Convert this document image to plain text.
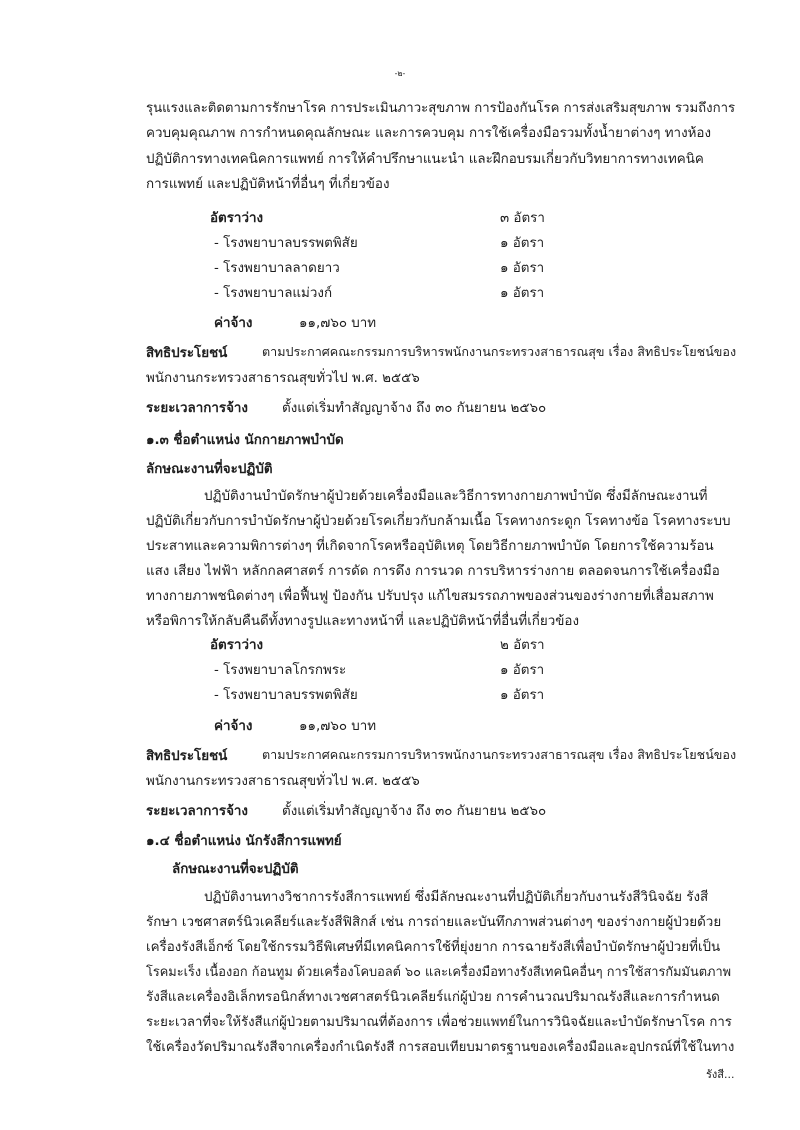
-๒-
รุนแรงและติดตามการรักษาโรค การประเมินภาวะสุขภาพ การป้องกันโรค การส่งเสริมสุขภาพ รวมถึงการ
ควบคุมคุณภาพ การกำหนดคุณลักษณะ และการควบคุม การใช้เครื่องมือรวมทั้งน้ำยาต่างๆ ทางห้อง
ปฏิบัติการทางเทคนิคการแพทย์ การให้คำปรึกษาแนะนำ และฝึกอบรมเกี่ยวกับวิทยาการทางเทคนิค
การแพทย์ และปฏิบัติหน้าที่อื่นๆ ที่เกี่ยวข้อง
อัตราว่าง	๓ อัตรา
- โรงพยาบาลบรรพตพิสัย	๑ อัตรา
- โรงพยาบาลลาดยาว	๑ อัตรา
- โรงพยาบาลแม่วงก์	๑ อัตรา
ค่าจ้าง	๑๑,๗๖๐ บาท
สิทธิประโยชน์	ตามประกาศคณะกรรมการบริหารพนักงานกระทรวงสาธารณสุข เรื่อง สิทธิประโยชน์ของ
พนักงานกระทรวงสาธารณสุขทั่วไป พ.ศ. ๒๕๕๖
ระยะเวลาการจ้าง	ตั้งแต่เริ่มทำสัญญาจ้าง ถึง ๓๐ กันยายน ๒๕๖๐
๑.๓ ชื่อตำแหน่ง นักกายภาพบำบัด
ลักษณะงานที่จะปฏิบัติ
ปฏิบัติงานบำบัดรักษาผู้ป่วยด้วยเครื่องมือและวิธีการทางกายภาพบำบัด ซึ่งมีลักษณะงานที่
ปฏิบัติเกี่ยวกับการบำบัดรักษาผู้ป่วยด้วยโรคเกี่ยวกับกล้ามเนื้อ โรคทางกระดูก โรคทางข้อ โรคทางระบบ
ประสาทและความพิการต่างๆ ที่เกิดจากโรคหรืออุบัติเหตุ โดยวิธีกายภาพบำบัด โดยการใช้ความร้อน
แสง เสียง ไฟฟ้า หลักกลศาสตร์ การดัด การดึง การนวด การบริหารร่างกาย ตลอดจนการใช้เครื่องมือ
ทางกายภาพชนิดต่างๆ เพื่อฟื้นฟู ป้องกัน ปรับปรุง แก้ไขสมรรถภาพของส่วนของร่างกายที่เสื่อมสภาพ
หรือพิการให้กลับคืนดีทั้งทางรูปและทางหน้าที่ และปฏิบัติหน้าที่อื่นที่เกี่ยวข้อง
อัตราว่าง	๒ อัตรา
- โรงพยาบาลโกรกพระ	๑ อัตรา
- โรงพยาบาลบรรพตพิสัย	๑ อัตรา
ค่าจ้าง	๑๑,๗๖๐ บาท
สิทธิประโยชน์	ตามประกาศคณะกรรมการบริหารพนักงานกระทรวงสาธารณสุข เรื่อง สิทธิประโยชน์ของ
พนักงานกระทรวงสาธารณสุขทั่วไป พ.ศ. ๒๕๕๖
ระยะเวลาการจ้าง	ตั้งแต่เริ่มทำสัญญาจ้าง ถึง ๓๐ กันยายน ๒๕๖๐
๑.๔ ชื่อตำแหน่ง นักรังสีการแพทย์
ลักษณะงานที่จะปฏิบัติ
ปฏิบัติงานทางวิชาการรังสีการแพทย์ ซึ่งมีลักษณะงานที่ปฏิบัติเกี่ยวกับงานรังสีวินิจฉัย รังสี
รักษา เวชศาสตร์นิวเคลียร์และรังสีฟิสิกส์ เช่น การถ่ายและบันทึกภาพส่วนต่างๆ ของร่างกายผู้ป่วยด้วย
เครื่องรังสีเอ็กซ์ โดยใช้กรรมวิธีพิเศษที่มีเทคนิคการใช้ที่ยุ่งยาก การฉายรังสีเพื่อบำบัดรักษาผู้ป่วยที่เป็น
โรคมะเร็ง เนื้องอก ก้อนทูม ด้วยเครื่องโคบอลต์ ๖๐ และเครื่องมือทางรังสีเทคนิคอื่นๆ การใช้สารกัมมันตภาพ
รังสีและเครื่องอิเล็กทรอนิกส์ทางเวชศาสตร์นิวเคลียร์แก่ผู้ป่วย การคำนวณปริมาณรังสีและการกำหนด
ระยะเวลาที่จะให้รังสีแก่ผู้ป่วยตามปริมาณที่ต้องการ เพื่อช่วยแพทย์ในการวินิจฉัยและบำบัดรักษาโรค การ
ใช้เครื่องวัดปริมาณรังสีจากเครื่องกำเนิดรังสี การสอบเทียบมาตรฐานของเครื่องมือและอุปกรณ์ที่ใช้ในทาง
รังสี...
